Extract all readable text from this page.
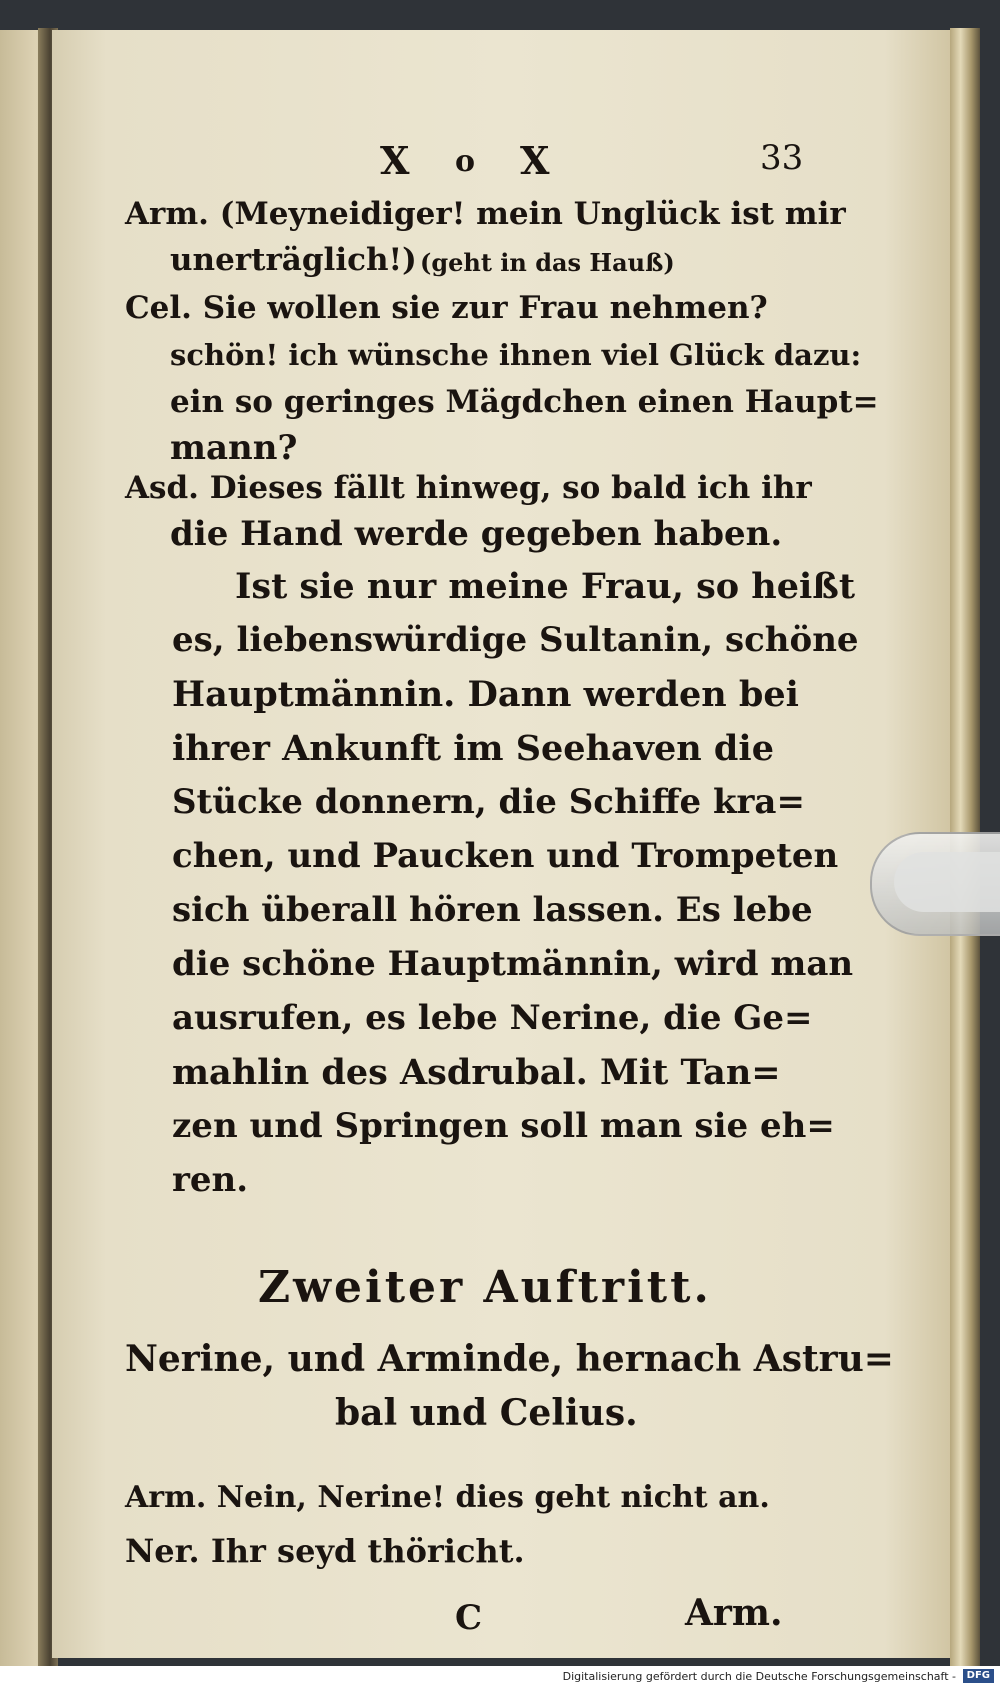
X o X	33
Arm. (Meyneidiger! mein Unglück ist mir
unerträglich!) (geht in das Hauß)
Cel. Sie wollen sie zur Frau nehmen?
schön! ich wünsche ihnen viel Glück dazu:
ein so geringes Mägdchen einen Haupt=
mann?
Asd. Dieses fällt hinweg, so bald ich ihr
die Hand werde gegeben haben.
Ist sie nur meine Frau, so heißt
es, liebenswürdige Sultanin, schöne
Hauptmännin. Dann werden bei
ihrer Ankunft im Seehaven die
Stücke donnern, die Schiffe kra=
chen, und Paucken und Trompeten
sich überall hören lassen. Es lebe
die schöne Hauptmännin, wird man
ausrufen, es lebe Nerine, die Ge=
mahlin des Asdrubal. Mit Tan=
zen und Springen soll man sie eh=
ren.
Zweiter Auftritt.
Nerine, und Arminde, hernach Astru=
bal und Celius.
Arm. Nein, Nerine! dies geht nicht an.
Ner. Ihr seyd thöricht.
C	Arm.
Digitalisierung gefördert durch die Deutsche Forschungsgemeinschaft -	DFG
